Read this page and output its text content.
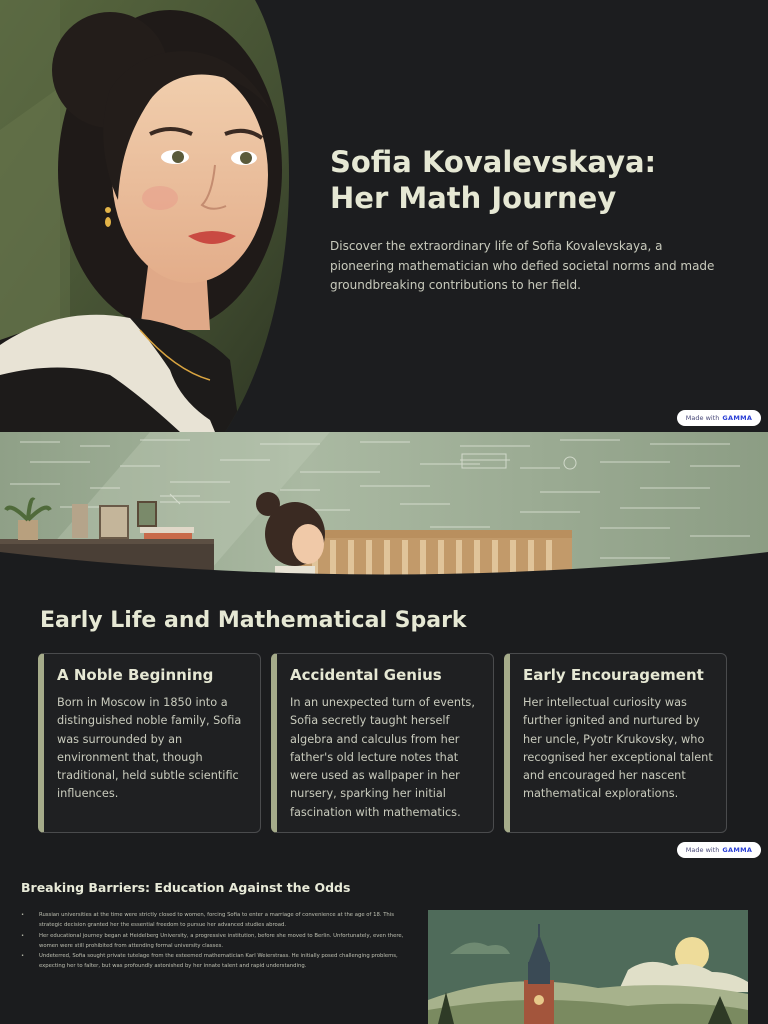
Sofia Kovalevskaya:
Her Math Journey

Discover the extraordinary life of Sofia Kovalevskaya, a pioneering mathematician who defied societal norms and made groundbreaking contributions to her field.

Made with GAMMA
Early Life and Mathematical Spark
A Noble Beginning

Born in Moscow in 1850 into a distinguished noble family, Sofia was surrounded by an environment that, though traditional, held subtle scientific influences.

Accidental Genius

In an unexpected turn of events, Sofia secretly taught herself algebra and calculus from her father's old lecture notes that were used as wallpaper in her nursery, sparking her initial fascination with mathematics.

Early Encouragement

Her intellectual curiosity was further ignited and nurtured by her uncle, Pyotr Krukovsky, who recognised her exceptional talent and encouraged her nascent mathematical explorations.

Made with GAMMA
Breaking Barriers: Education Against the Odds
• Russian universities at the time were strictly closed to women, forcing Sofia to enter a marriage of convenience at the age of 18. This strategic decision granted her the essential freedom to pursue her advanced studies abroad.
• Her educational journey began at Heidelberg University, a progressive institution, before she moved to Berlin. Unfortunately, even there, women were still prohibited from attending formal university classes.
• Undeterred, Sofia sought private tutelage from the esteemed mathematician Karl Weierstrass. He initially posed challenging problems, expecting her to falter, but was profoundly astonished by her innate talent and rapid understanding.
